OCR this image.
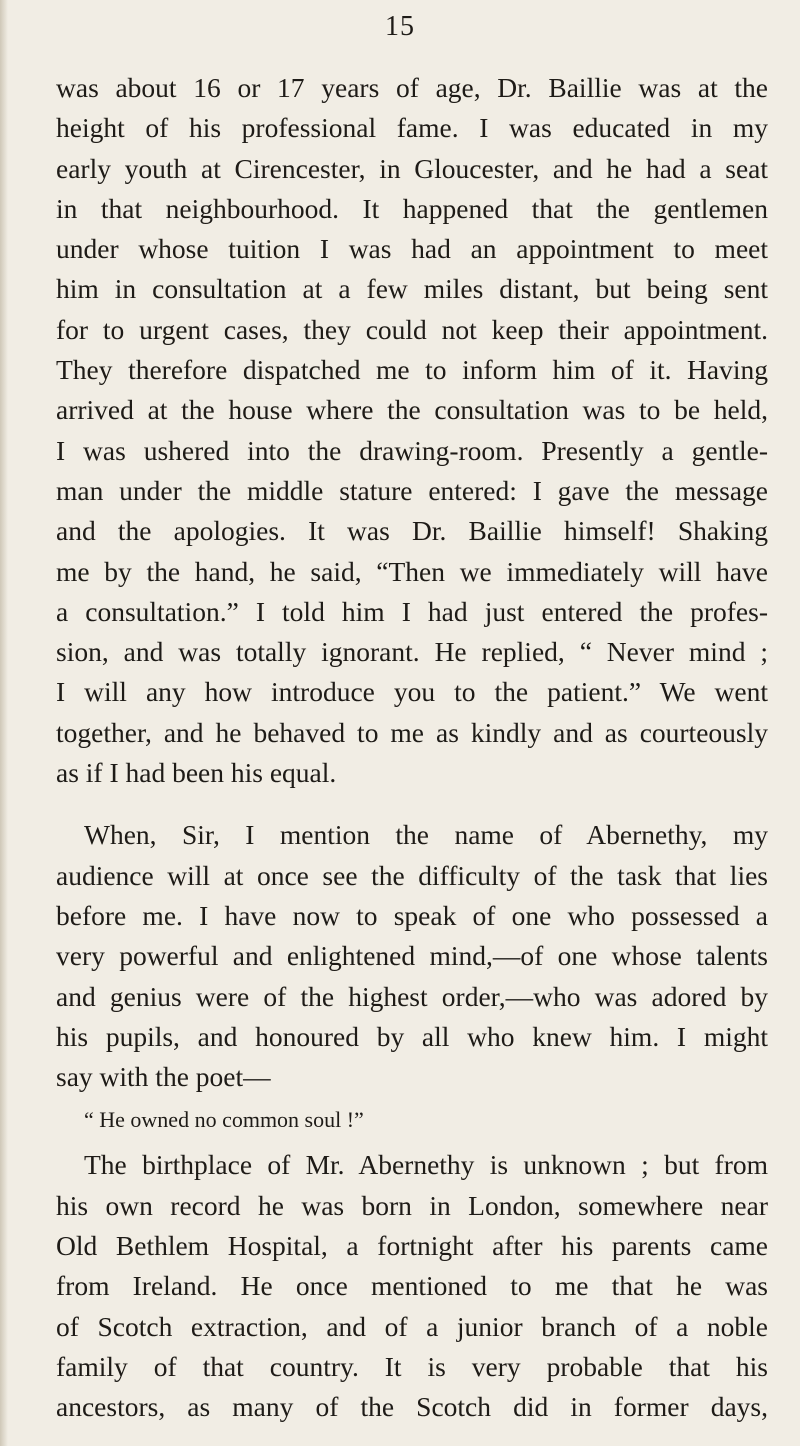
15
was about 16 or 17 years of age, Dr. Baillie was at the
height of his professional fame. I was educated in my
early youth at Cirencester, in Gloucester, and he had a seat
in that neighbourhood. It happened that the gentlemen
under whose tuition I was had an appointment to meet
him in consultation at a few miles distant, but being sent
for to urgent cases, they could not keep their appointment.
They therefore dispatched me to inform him of it. Having
arrived at the house where the consultation was to be held,
I was ushered into the drawing-room. Presently a gentle-
man under the middle stature entered: I gave the message
and the apologies. It was Dr. Baillie himself! Shaking
me by the hand, he said, “Then we immediately will have
a consultation.” I told him I had just entered the profes-
sion, and was totally ignorant. He replied, “ Never mind ;
I will any how introduce you to the patient.” We went
together, and he behaved to me as kindly and as courteously
as if I had been his equal.
When, Sir, I mention the name of Abernethy, my
audience will at once see the difficulty of the task that lies
before me. I have now to speak of one who possessed a
very powerful and enlightened mind,—of one whose talents
and genius were of the highest order,—who was adored by
his pupils, and honoured by all who knew him. I might
say with the poet—
“ He owned no common soul !”
The birthplace of Mr. Abernethy is unknown ; but from
his own record he was born in London, somewhere near
Old Bethlem Hospital, a fortnight after his parents came
from Ireland. He once mentioned to me that he was
of Scotch extraction, and of a junior branch of a noble
family of that country. It is very probable that his
ancestors, as many of the Scotch did in former days,
